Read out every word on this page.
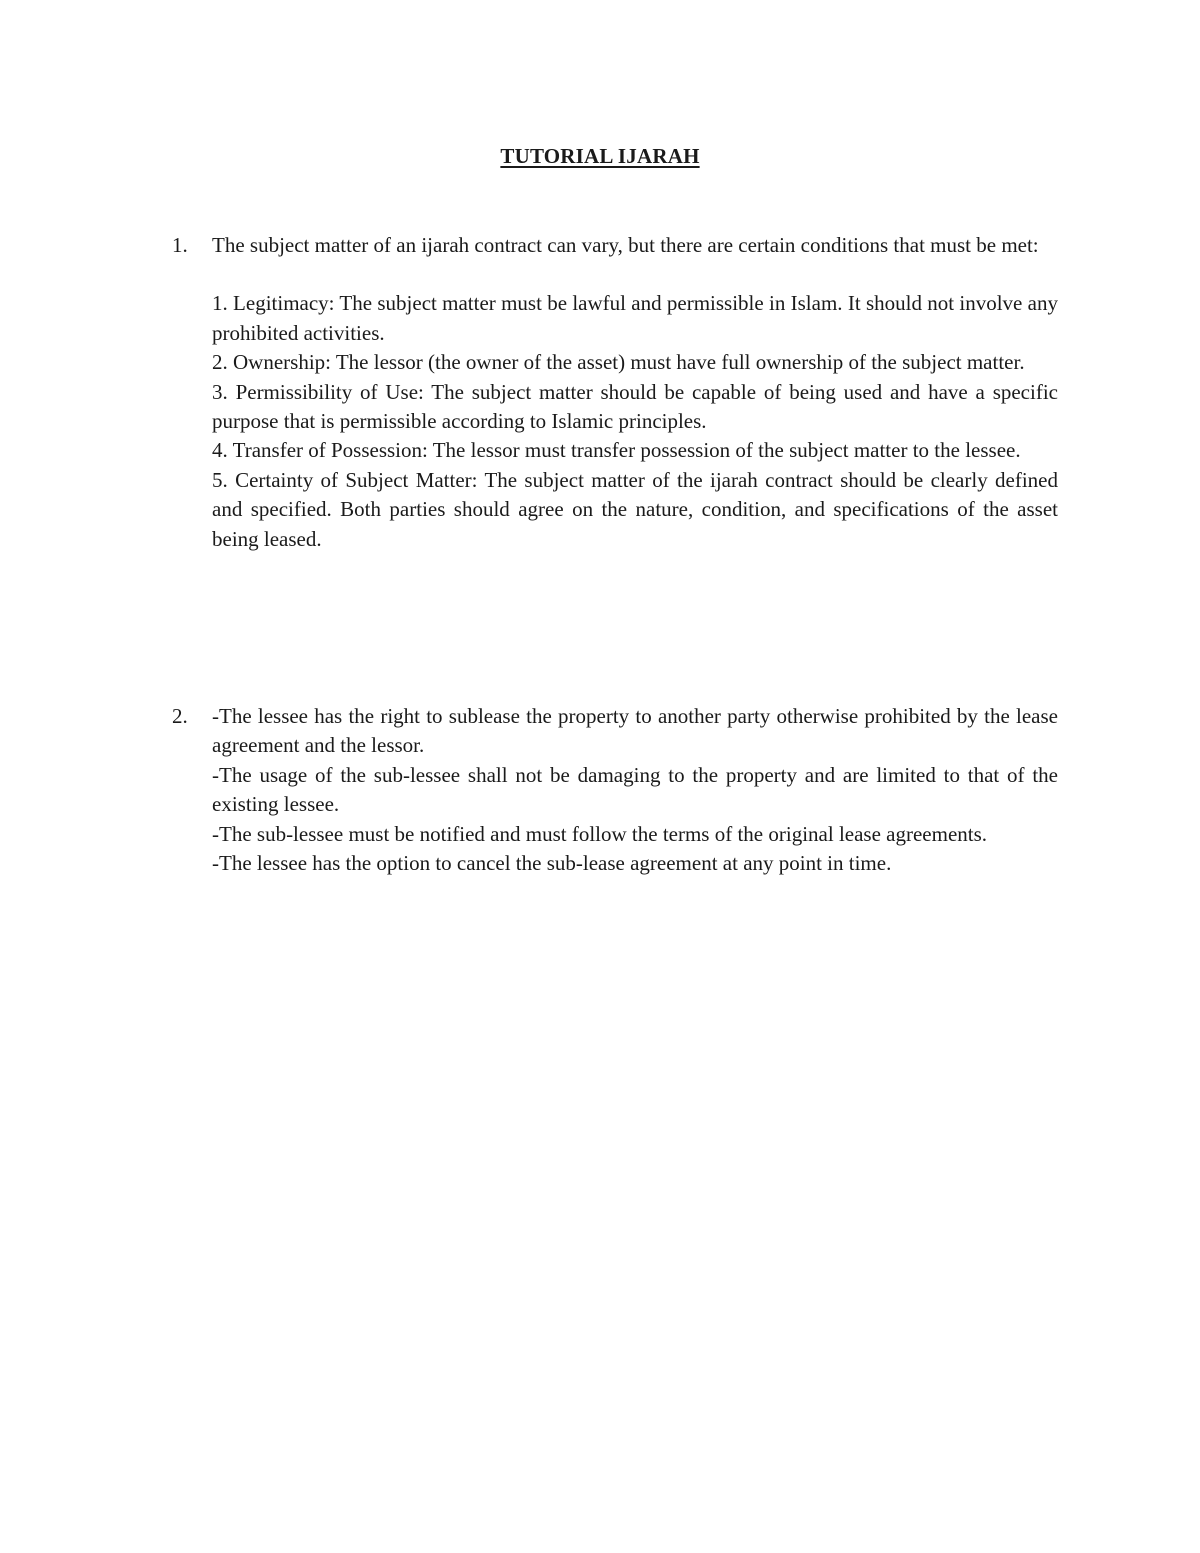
TUTORIAL IJARAH
1.	The subject matter of an ijarah contract can vary, but there are certain conditions that must be met:

1. Legitimacy: The subject matter must be lawful and permissible in Islam. It should not involve any prohibited activities.

2. Ownership: The lessor (the owner of the asset) must have full ownership of the subject matter.

3. Permissibility of Use: The subject matter should be capable of being used and have a specific purpose that is permissible according to Islamic principles.

4. Transfer of Possession: The lessor must transfer possession of the subject matter to the lessee.

5. Certainty of Subject Matter: The subject matter of the ijarah contract should be clearly defined and specified. Both parties should agree on the nature, condition, and specifications of the asset being leased.

2.	-The lessee has the right to sublease the property to another party otherwise prohibited by the lease agreement and the lessor.

-The usage of the sub-lessee shall not be damaging to the property and are limited to that of the existing lessee.

-The sub-lessee must be notified and must follow the terms of the original lease agreements.

-The lessee has the option to cancel the sub-lease agreement at any point in time.
